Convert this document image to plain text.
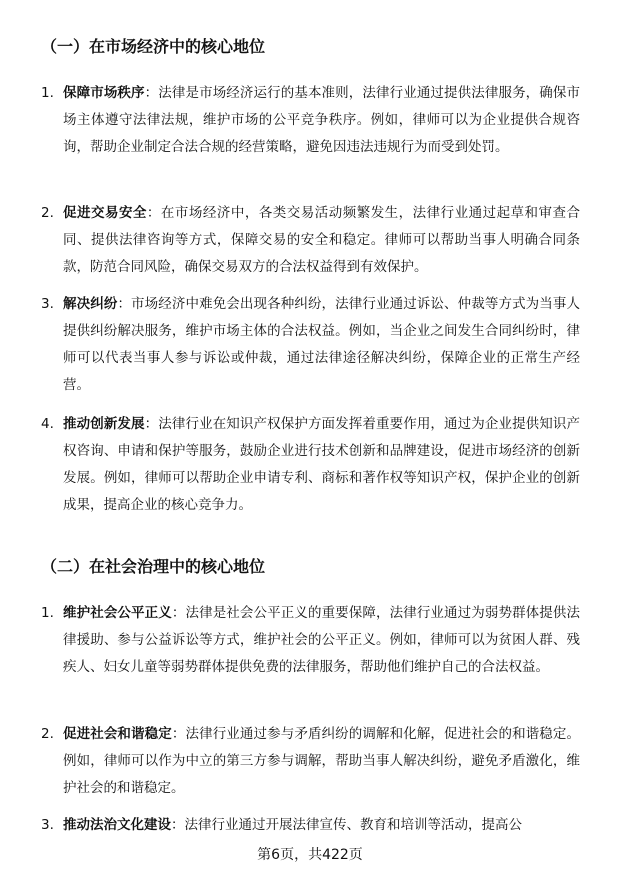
（一）在市场经济中的核心地位
1. 保障市场秩序：法律是市场经济运行的基本准则，法律行业通过提供法律服务，确保市场主体遵守法律法规，维护市场的公平竞争秩序。例如，律师可以为企业提供合规咨询，帮助企业制定合法合规的经营策略，避免因违法违规行为而受到处罚。
2. 促进交易安全：在市场经济中，各类交易活动频繁发生，法律行业通过起草和审查合同、提供法律咨询等方式，保障交易的安全和稳定。律师可以帮助当事人明确合同条款，防范合同风险，确保交易双方的合法权益得到有效保护。
3. 解决纠纷：市场经济中难免会出现各种纠纷，法律行业通过诉讼、仲裁等方式为当事人提供纠纷解决服务，维护市场主体的合法权益。例如，当企业之间发生合同纠纷时，律师可以代表当事人参与诉讼或仲裁，通过法律途径解决纠纷，保障企业的正常生产经营。
4. 推动创新发展：法律行业在知识产权保护方面发挥着重要作用，通过为企业提供知识产权咨询、申请和保护等服务，鼓励企业进行技术创新和品牌建设，促进市场经济的创新发展。例如，律师可以帮助企业申请专利、商标和著作权等知识产权，保护企业的创新成果，提高企业的核心竞争力。
（二）在社会治理中的核心地位
1. 维护社会公平正义：法律是社会公平正义的重要保障，法律行业通过为弱势群体提供法律援助、参与公益诉讼等方式，维护社会的公平正义。例如，律师可以为贫困人群、残疾人、妇女儿童等弱势群体提供免费的法律服务，帮助他们维护自己的合法权益。
2. 促进社会和谐稳定：法律行业通过参与矛盾纠纷的调解和化解，促进社会的和谐稳定。例如，律师可以作为中立的第三方参与调解，帮助当事人解决纠纷，避免矛盾激化，维护社会的和谐稳定。
3. 推动法治文化建设：法律行业通过开展法律宣传、教育和培训等活动，提高公
第6页，共422页
